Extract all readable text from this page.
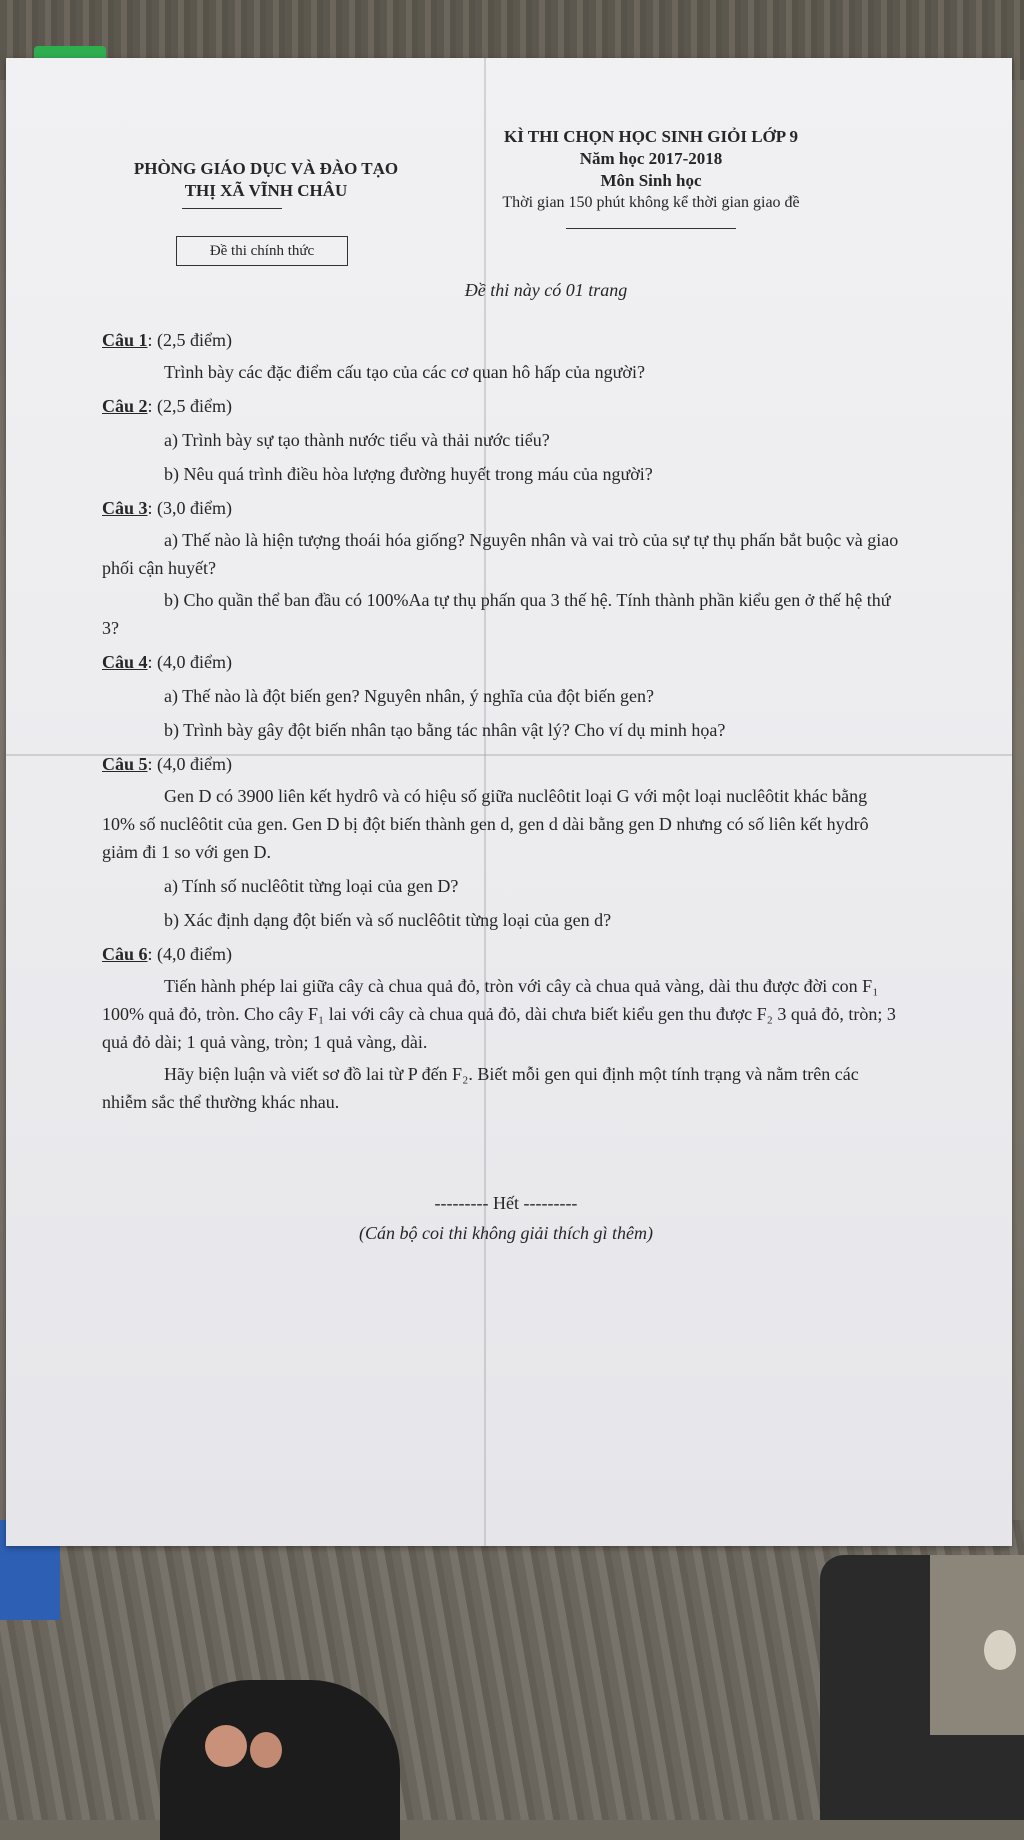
PHÒNG GIÁO DỤC VÀ ĐÀO TẠO
THỊ XÃ VĨNH CHÂU
KÌ THI CHỌN HỌC SINH GIỎI LỚP 9
Năm học 2017-2018
Môn Sinh học
Thời gian 150 phút không kể thời gian giao đề
Đề thi chính thức
Đề thi này có 01 trang
Câu 1: (2,5 điểm)

Trình bày các đặc điểm cấu tạo của các cơ quan hô hấp của người?

Câu 2: (2,5 điểm)

a) Trình bày sự tạo thành nước tiểu và thải nước tiểu?

b) Nêu quá trình điều hòa lượng đường huyết trong máu của người?

Câu 3: (3,0 điểm)

a) Thế nào là hiện tượng thoái hóa giống? Nguyên nhân và vai trò của sự tự thụ phấn bắt buộc và giao phối cận huyết?

b) Cho quần thể ban đầu có 100%Aa tự thụ phấn qua 3 thế hệ. Tính thành phần kiểu gen ở thế hệ thứ 3?

Câu 4: (4,0 điểm)

a) Thế nào là đột biến gen? Nguyên nhân, ý nghĩa của đột biến gen?

b) Trình bày gây đột biến nhân tạo bằng tác nhân vật lý? Cho ví dụ minh họa?

Câu 5: (4,0 điểm)

Gen D có 3900 liên kết hydrô và có hiệu số giữa nuclêôtit loại G với một loại nuclêôtit khác bằng 10% số nuclêôtit của gen. Gen D bị đột biến thành gen d, gen d dài bằng gen D nhưng có số liên kết hydrô giảm đi 1 so với gen D.

a) Tính số nuclêôtit từng loại của gen D?

b) Xác định dạng đột biến và số nuclêôtit từng loại của gen d?

Câu 6: (4,0 điểm)

Tiến hành phép lai giữa cây cà chua quả đỏ, tròn với cây cà chua quả vàng, dài thu được đời con F₁ 100% quả đỏ, tròn. Cho cây F₁ lai với cây cà chua quả đỏ, dài chưa biết kiểu gen thu được F₂ 3 quả đỏ, tròn; 3 quả đỏ dài; 1 quả vàng, tròn; 1 quả vàng, dài.

Hãy biện luận và viết sơ đồ lai từ P đến F₂. Biết mỗi gen qui định một tính trạng và nằm trên các nhiễm sắc thể thường khác nhau.

--------- Hết ---------
(Cán bộ coi thi không giải thích gì thêm)
